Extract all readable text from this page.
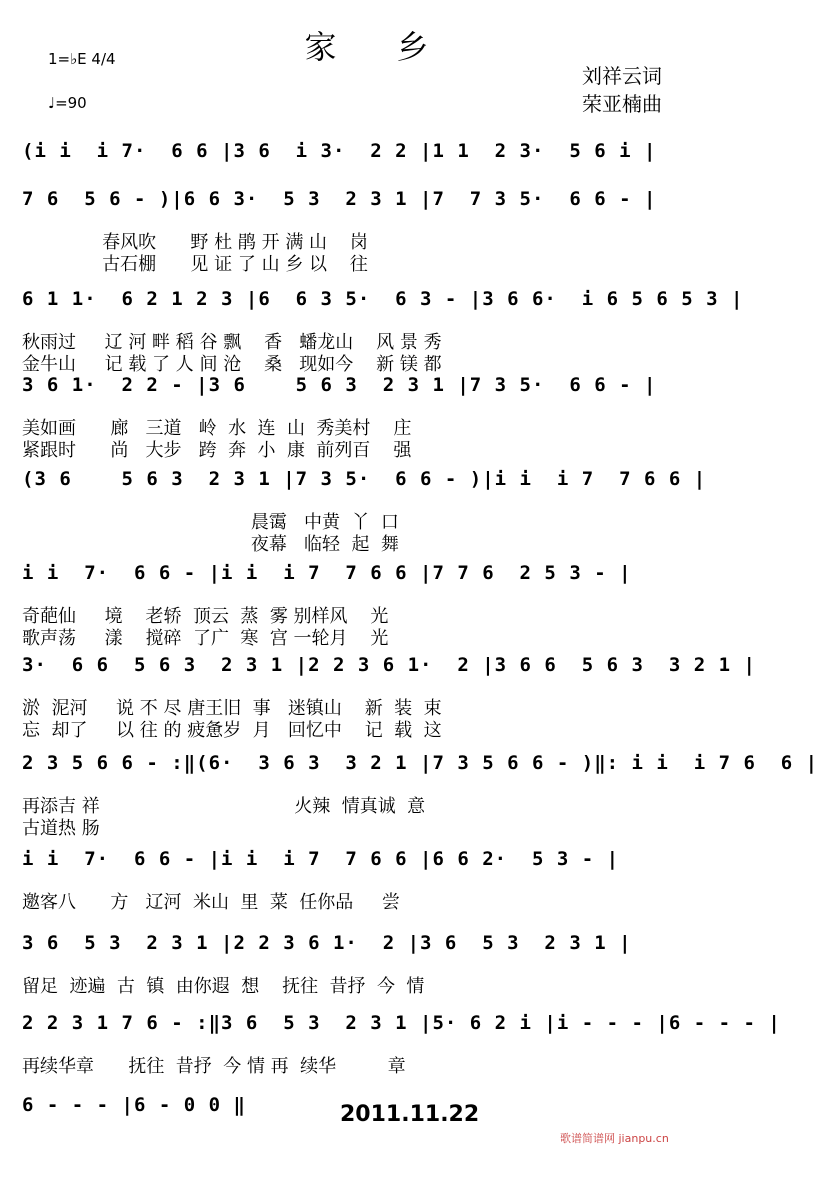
1=♭E 4/4
♩=90
家乡
刘祥云词
荣亚楠曲
(i i  i 7·  6 6 |3 6  i 3·  2 2 |1 1  2 3·  5 6 i |
7 6  5 6 - )|6 6 3·  5 3  2 3 1 |7  7 3 5·  6 6 - |
春风吹      野 杜 鹃 开 满 山    岗
古石棚      见 证 了 山 乡 以    往
6 1 1·  6 2 1 2 3 |6  6 3 5·  6 3 - |3 6 6·  i 6 5 6 5 3 |
秋雨过     辽 河 畔 稻 谷 飘    香   蟠龙山    风 景 秀
金牛山     记 载 了 人 间 沧    桑   现如今    新 镁 都
3 6 1·  2 2 - |3 6    5 6 3  2 3 1 |7 3 5·  6 6 - |
美如画      廊   三道   岭  水  连  山  秀美村    庄
紧跟时      尚   大步   跨  奔  小  康  前列百    强
(3 6    5 6 3  2 3 1 |7 3 5·  6 6 - )|i i  i 7  7 6 6 |
晨霭   中黄  丫  口
夜幕   临轻  起  舞
i i  7·  6 6 - |i i  i 7  7 6 6 |7 7 6  2 5 3 - |
奇葩仙     境    老轿  顶云  蒸  雾 别样风    光
歌声荡     漾    搅碎  了广  寒  宫 一轮月    光
3·  6 6  5 6 3  2 3 1 |2 2 3 6 1·  2 |3 6 6  5 6 3  3 2 1 |
淤  泥河     说 不 尽 唐王旧  事   迷镇山    新  装  束
忘  却了     以 往 的 疲惫岁  月   回忆中    记  载  这
2 3 5 6 6 - :‖(6·  3 6 3  3 2 1 |7 3 5 6 6 - )‖: i i  i 7 6  6 |
再添吉 祥                                  火辣  情真诚  意
古道热 肠
i i  7·  6 6 - |i i  i 7  7 6 6 |6 6 2·  5 3 - |
邀客八      方   辽河  米山  里  菜  任你品     尝
3 6  5 3  2 3 1 |2 2 3 6 1·  2 |3 6  5 3  2 3 1 |
留足  迹遍  古  镇  由你遐  想    抚往  昔抒  今  情
2 2 3 1 7 6 - :‖3 6  5 3  2 3 1 |5· 6 2 i |i - - - |6 - - - |
再续华章      抚往  昔抒  今 情 再  续华         章
6 - - - |6 - 0 0 ‖	2011.11.22
歌谱简谱网 jianpu.cn
